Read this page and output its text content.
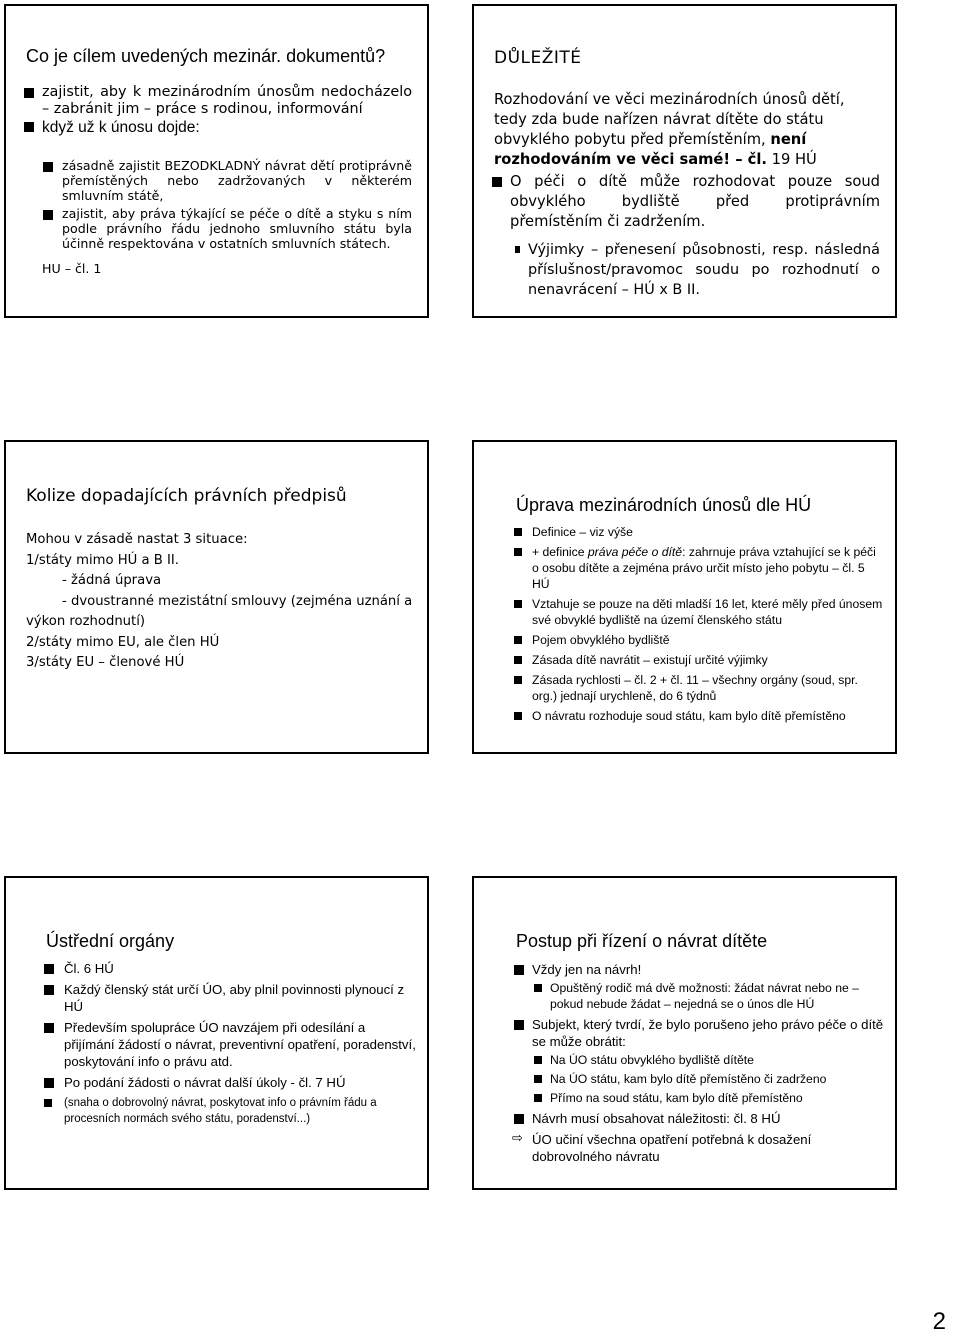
Co je cílem uvedených mezinár. dokumentů?
zajistit, aby k mezinárodním únosům nedocházelo – zabránit jim – práce s rodinou, informování
když už k únosu dojde:
zásadně zajistit BEZODKLADNÝ návrat dětí protiprávně přemístěných nebo zadržovaných v některém smluvním státě,
zajistit, aby práva týkající se péče o dítě a styku s ním podle právního řádu jednoho smluvního státu byla účinně respektována v ostatních smluvních státech.
HU – čl. 1
DŮLEŽITÉ
Rozhodování ve věci mezinárodních únosů dětí, tedy zda bude nařízen návrat dítěte do státu obvyklého pobytu před přemístěním, není rozhodováním ve věci samé! – čl. 19 HÚ
O péči o dítě může rozhodovat pouze soud obvyklého bydliště před protiprávním přemístěním či zadržením.
Výjimky – přenesení působnosti, resp. následná příslušnost/pravomoc soudu po rozhodnutí o nenavrácení – HÚ x B II.
Kolize dopadajících právních předpisů
Mohou v zásadě nastat 3 situace:
1/státy mimo HÚ a B II.
- žádná úprava
- dvoustranné mezistátní smlouvy (zejména uznání a
výkon rozhodnutí)
2/státy mimo EU, ale člen HÚ
3/státy EU – členové HÚ
Úprava mezinárodních únosů dle HÚ
Definice – viz výše
+ definice práva péče o dítě: zahrnuje práva vztahující se k péči o osobu dítěte a zejména právo určit místo jeho pobytu – čl. 5 HÚ
Vztahuje se pouze na děti mladší 16 let, které měly před únosem své obvyklé bydliště na území členského státu
Pojem obvyklého bydliště
Zásada dítě navrátit – existují určité výjimky
Zásada rychlosti – čl. 2 + čl. 11 – všechny orgány (soud, spr. org.) jednají urychleně, do 6 týdnů
O návratu rozhoduje soud státu, kam bylo dítě přemístěno
Ústřední orgány
Čl. 6 HÚ
Každý členský stát určí ÚO, aby plnil povinnosti plynoucí z HÚ
Především spolupráce ÚO navzájem při odesílání a přijímání žádostí o návrat, preventivní opatření, poradenství, poskytování info o právu atd.
Po podání žádosti o návrat další úkoly - čl. 7 HÚ
(snaha o dobrovolný návrat, poskytovat info o právním řádu a procesních normách svého státu, poradenství...)
Postup při řízení o návrat dítěte
Vždy jen na návrh!
Opuštěný rodič má dvě možnosti: žádat návrat nebo ne – pokud nebude žádat – nejedná se o únos dle HÚ
Subjekt, který tvrdí, že bylo porušeno jeho právo péče o dítě se může obrátit:
Na ÚO státu obvyklého bydliště dítěte
Na ÚO státu, kam bylo dítě přemístěno či zadrženo
Přímo na soud státu, kam bylo dítě přemístěno
Návrh musí obsahovat náležitosti: čl. 8 HÚ
⇨ ÚO učiní všechna opatření potřebná k dosažení dobrovolného návratu
2
